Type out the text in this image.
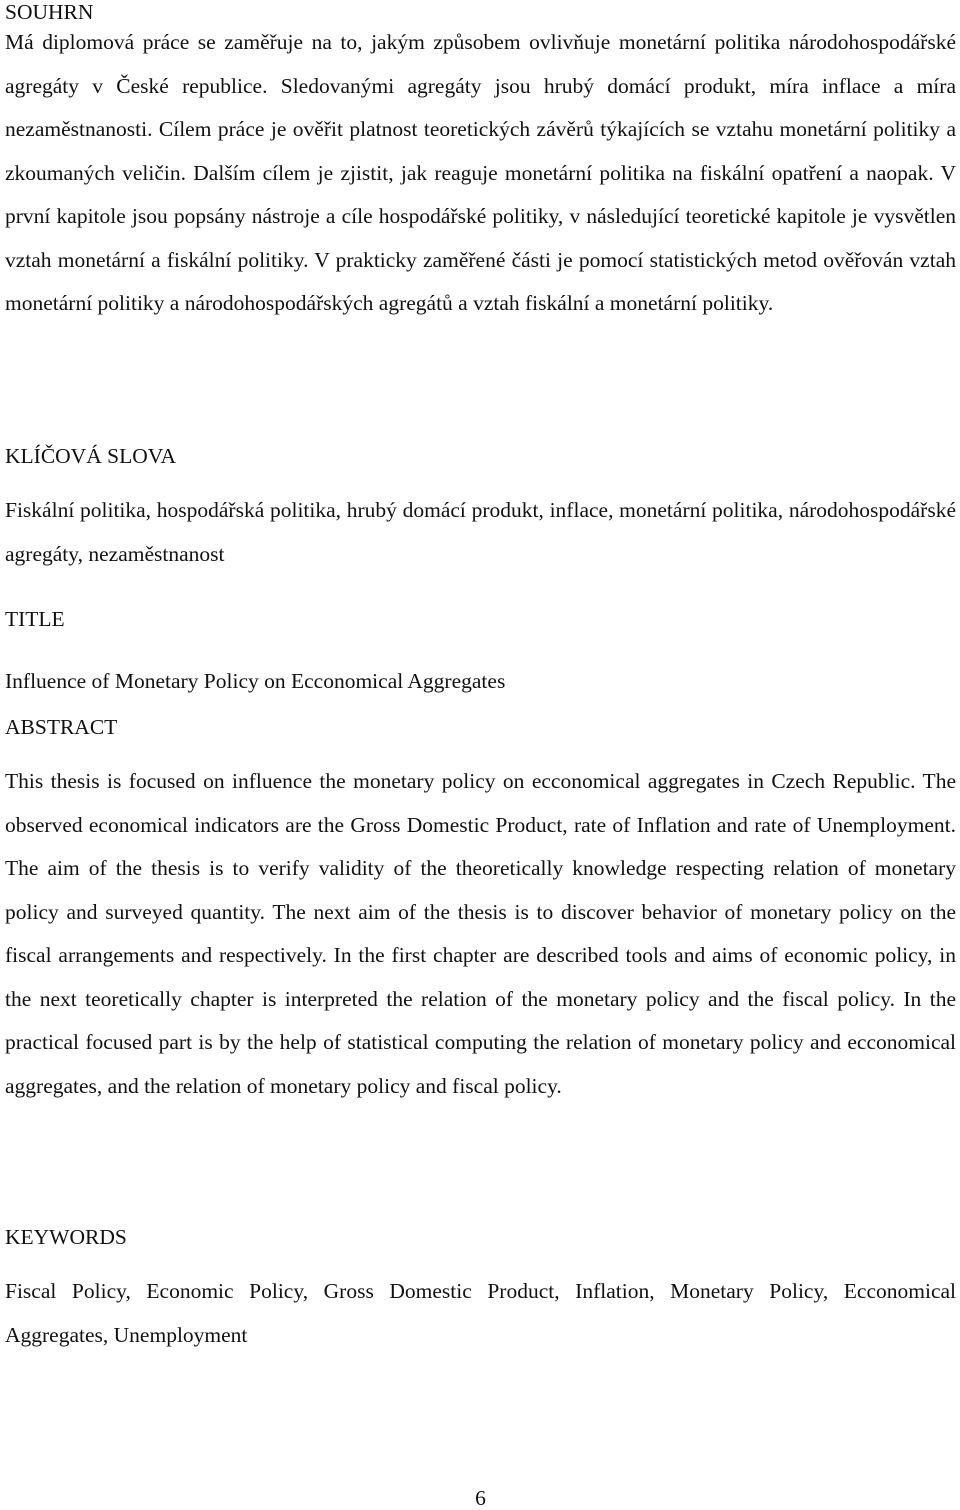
SOUHRN

Má diplomová práce se zaměřuje na to, jakým způsobem ovlivňuje monetární politika národohospodářské agregáty v České republice. Sledovanými agregáty jsou hrubý domácí produkt, míra inflace a míra nezaměstnanosti. Cílem práce je ověřit platnost teoretických závěrů týkajících se vztahu monetární politiky a zkoumaných veličin. Dalším cílem je zjistit, jak reaguje monetární politika na fiskální opatření a naopak. V první kapitole jsou popsány nástroje a cíle hospodářské politiky, v následující teoretické kapitole je vysvětlen vztah monetární a fiskální politiky. V prakticky zaměřené části je pomocí statistických metod ověřován vztah monetární politiky a národohospodářských agregátů a vztah fiskální a monetární politiky.

KLÍČOVÁ SLOVA

Fiskální politika, hospodářská politika, hrubý domácí produkt, inflace, monetární politika, národohospodářské agregáty, nezaměstnanost

TITLE

Influence of Monetary Policy on Ecconomical Aggregates

ABSTRACT

This thesis is focused on influence the monetary policy on ecconomical aggregates in Czech Republic. The observed economical indicators are the Gross Domestic Product, rate of Inflation and rate of Unemployment. The aim of the thesis is to verify validity of the theoretically knowledge respecting relation of monetary policy and surveyed quantity. The next aim of the thesis is to discover behavior of monetary policy on the fiscal arrangements and respectively. In the first chapter are described tools and aims of economic policy, in the next teoretically chapter is interpreted the relation of the monetary policy and the fiscal policy. In the practical focused part is by the help of statistical computing the relation of monetary policy and ecconomical aggregates, and the relation of monetary policy and fiscal policy.

KEYWORDS

Fiscal Policy, Economic Policy, Gross Domestic Product, Inflation, Monetary Policy, Ecconomical Aggregates, Unemployment

6
